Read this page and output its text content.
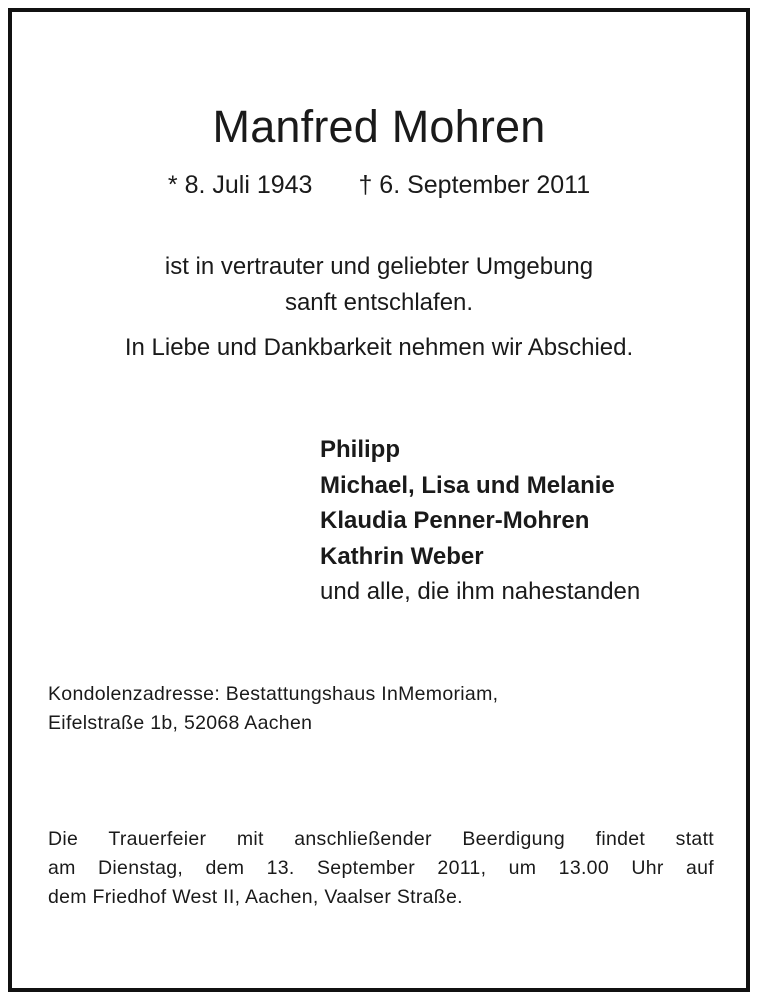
Manfred Mohren
* 8. Juli 1943 † 6. September 2011
ist in vertrauter und geliebter Umgebung
sanft entschlafen.
In Liebe und Dankbarkeit nehmen wir Abschied.
Philipp
Michael, Lisa und Melanie
Klaudia Penner-Mohren
Kathrin Weber
und alle, die ihm nahestanden
Kondolenzadresse: Bestattungshaus InMemoriam,
Eifelstraße 1b, 52068 Aachen
Die Trauerfeier mit anschließender Beerdigung findet statt
am Dienstag, dem 13. September 2011, um 13.00 Uhr auf
dem Friedhof West II, Aachen, Vaalser Straße.
